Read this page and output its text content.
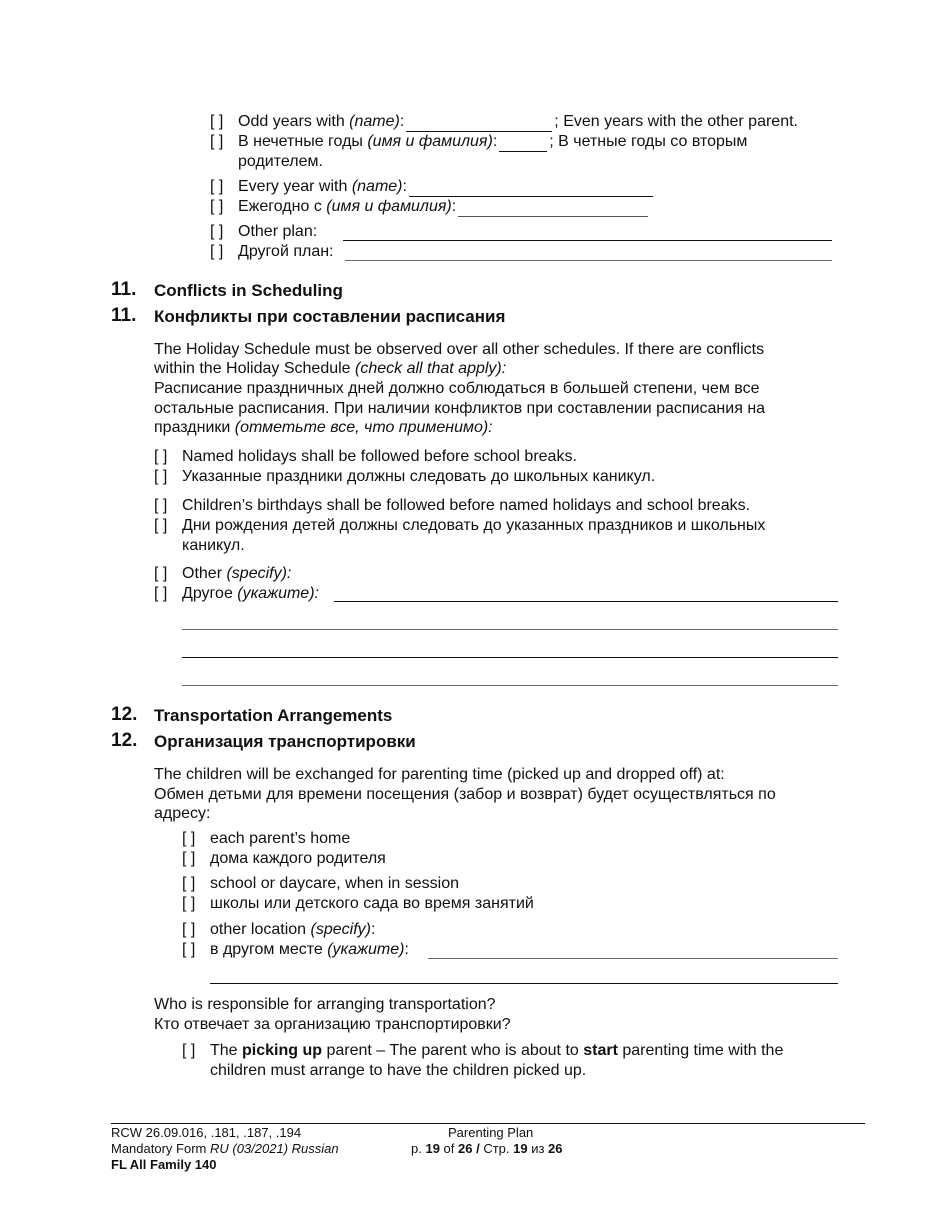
[ ] Odd years with (name):	; Even years with the other parent.
[ ] В нечетные годы (имя и фамилия):	; В четные годы со вторым
родителем.
[ ] Every year with (name):
[ ] Ежегодно с (имя и фамилия):
[ ] Other plan:
[ ] Другой план:
11. Conflicts in Scheduling
11. Конфликты при составлении расписания
The Holiday Schedule must be observed over all other schedules. If there are conflicts
within the Holiday Schedule (check all that apply):
Расписание праздничных дней должно соблюдаться в большей степени, чем все
остальные расписания. При наличии конфликтов при составлении расписания на
праздники (отметьте все, что применимо):
[ ] Named holidays shall be followed before school breaks.
[ ] Указанные праздники должны следовать до школьных каникул.
[ ] Children’s birthdays shall be followed before named holidays and school breaks.
[ ] Дни рождения детей должны следовать до указанных праздников и школьных
каникул.
[ ] Other (specify):
[ ] Другое (укажите):
12. Transportation Arrangements
12. Организация транспортировки
The children will be exchanged for parenting time (picked up and dropped off) at:
Обмен детьми для времени посещения (забор и возврат) будет осуществляться по
адресу:
[ ] each parent’s home
[ ] дома каждого родителя
[ ] school or daycare, when in session
[ ] школы или детского сада во время занятий
[ ] other location (specify):
[ ] в другом месте (укажите):
Who is responsible for arranging transportation?
Кто отвечает за организацию транспортировки?
[ ] The picking up parent – The parent who is about to start parenting time with the
children must arrange to have the children picked up.
RCW 26.09.016, .181, .187, .194
Mandatory Form RU (03/2021) Russian
FL All Family 140
Parenting Plan
p. 19 of 26 / Стр. 19 из 26
